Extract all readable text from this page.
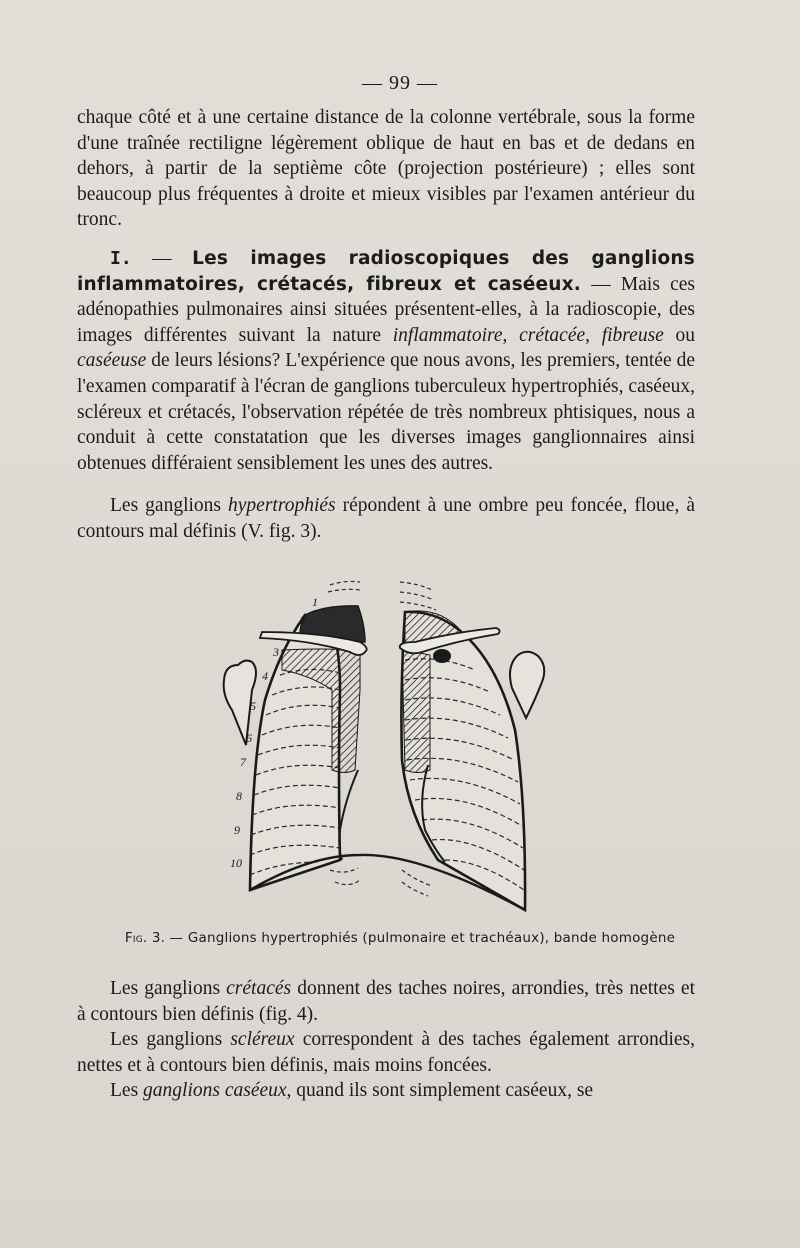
— 99 —

chaque côté et à une certaine distance de la colonne vertébrale, sous la forme d'une traînée rectiligne légèrement oblique de haut en bas et de dedans en dehors, à partir de la septième côte (projection postérieure) ; elles sont beaucoup plus fréquentes à droite et mieux visibles par l'examen antérieur du tronc.

I. — Les images radioscopiques des ganglions inflammatoires, crétacés, fibreux et caséeux. — Mais ces adénopathies pulmonaires ainsi situées présentent-elles, à la radioscopie, des images différentes suivant la nature inflammatoire, crétacée, fibreuse ou caséeuse de leurs lésions? L'expérience que nous avons, les premiers, tentée de l'examen comparatif à l'écran de ganglions tuberculeux hypertrophiés, caséeux, scléreux et crétacés, l'observation répétée de très nombreux phtisiques, nous a conduit à cette constatation que les diverses images ganglionnaires ainsi obtenues différaient sensiblement les unes des autres.

Les ganglions hypertrophiés répondent à une ombre peu foncée, floue, à contours mal définis (V. fig. 3).

1
2
3
4
5
6
7
8
9
10
Fig. 3. — Ganglions hypertrophiés (pulmonaire et trachéaux), bande homogène

Les ganglions crétacés donnent des taches noires, arrondies, très nettes et à contours bien définis (fig. 4).

Les ganglions scléreux correspondent à des taches également arrondies, nettes et à contours bien définis, mais moins foncées.

Les ganglions caséeux, quand ils sont simplement caséeux, se
